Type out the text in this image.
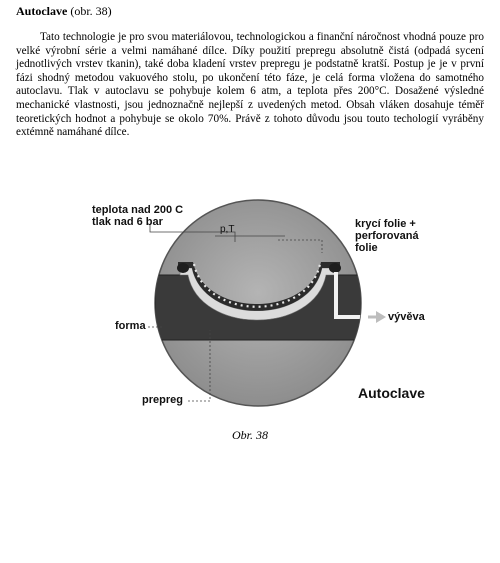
Autoclave (obr. 38)

Tato technologie je pro svou materiálovou, technologickou a finanční náročnost vhodná pouze pro velké výrobní série a velmi namáhané dílce. Díky použití prepregu absolutně čistá (odpadá sycení jednotlivých vrstev tkanin), také doba kladení vrstev prepregu je podstatně kratší. Postup je je v první fázi shodný metodou vakuového stolu, po ukončení této fáze, je celá forma vložena do samotného autoclavu. Tlak v autoclavu se pohybuje kolem 6 atm, a teplota přes 200°C. Dosažené výsledné mechanické vlastnosti, jsou jednoznačně nejlepší z uvedených metod. Obsah vláken dosahuje téměř teoretických hodnot a pohybuje se okolo 70%. Právě z tohoto důvodu jsou touto techologií vyráběny extémně namáhané dílce.

teplota nad 200 C
tlak nad 6 bar
p,T	krycí folie +
perforovaná
folie
vývěva
forma
prepreg	Autoclave
Obr. 38
